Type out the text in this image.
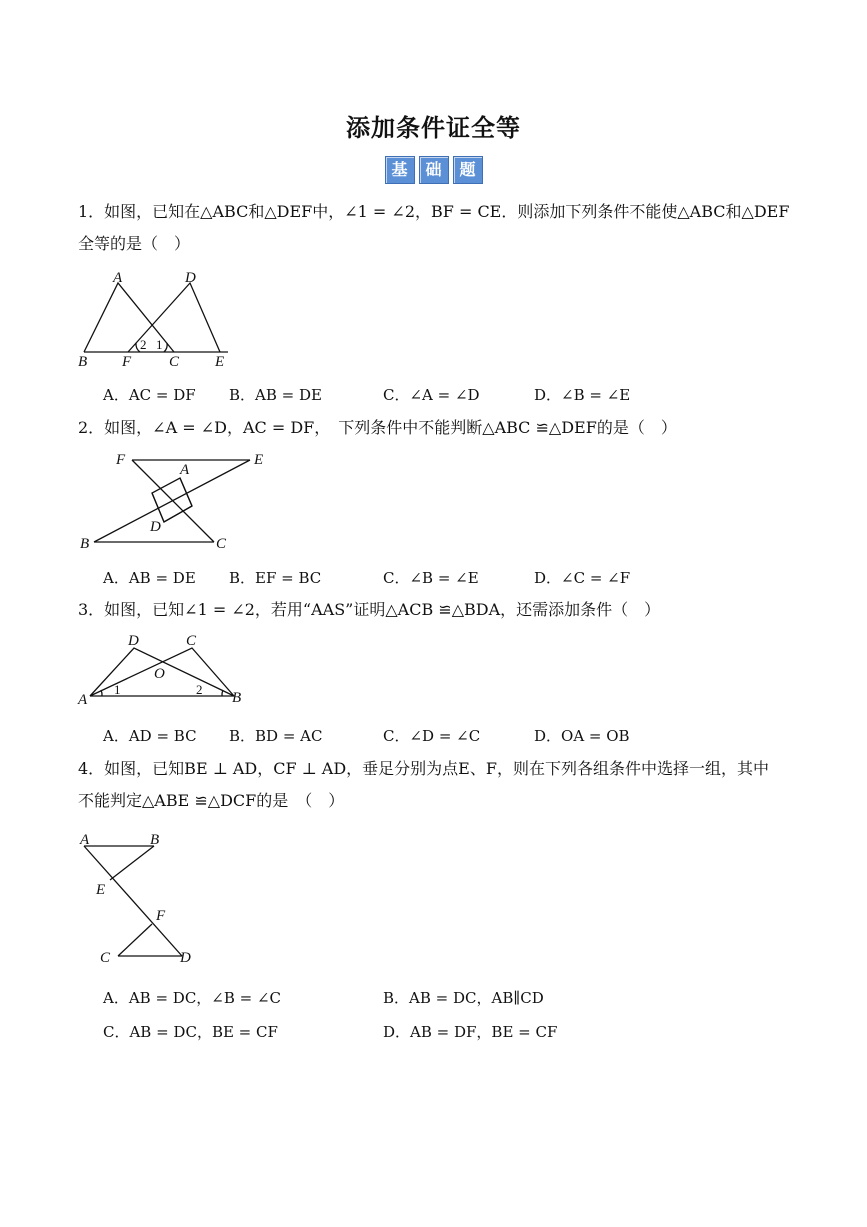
添加条件证全等
基	础	题
1．如图，已知在△ABC和△DEF中，∠1 = ∠2，BF = CE．则添加下列条件不能使△ABC和△DEF
全等的是（　）
A	D
B F	C E
2 1
A．AC = DF B．AB = DE	C．∠A = ∠D	D．∠B = ∠E
2．如图，∠A = ∠D，AC = DF，　下列条件中不能判断△ABC ≌△DEF的是（　）
F
A
E
D
B	C
A．AB = DE B．EF = BC	C．∠B = ∠E	D．∠C = ∠F
3．如图，已知∠1 = ∠2，若用“AAS”证明△ACB ≌△BDA，还需添加条件（　）
D	C
O
A	B
1	2
A．AD = BC B．BD = AC	C．∠D = ∠C	D．OA = OB
4．如图，已知BE ⊥ AD，CF ⊥ AD，垂足分别为点E、F，则在下列各组条件中选择一组，其中
不能判定△ABE ≌△DCF的是　（　）
A	B
E
F
C	D
A．AB = DC，∠B = ∠C	B．AB = DC，AB∥CD
C．AB = DC，BE = CF	D．AB = DF，BE = CF
